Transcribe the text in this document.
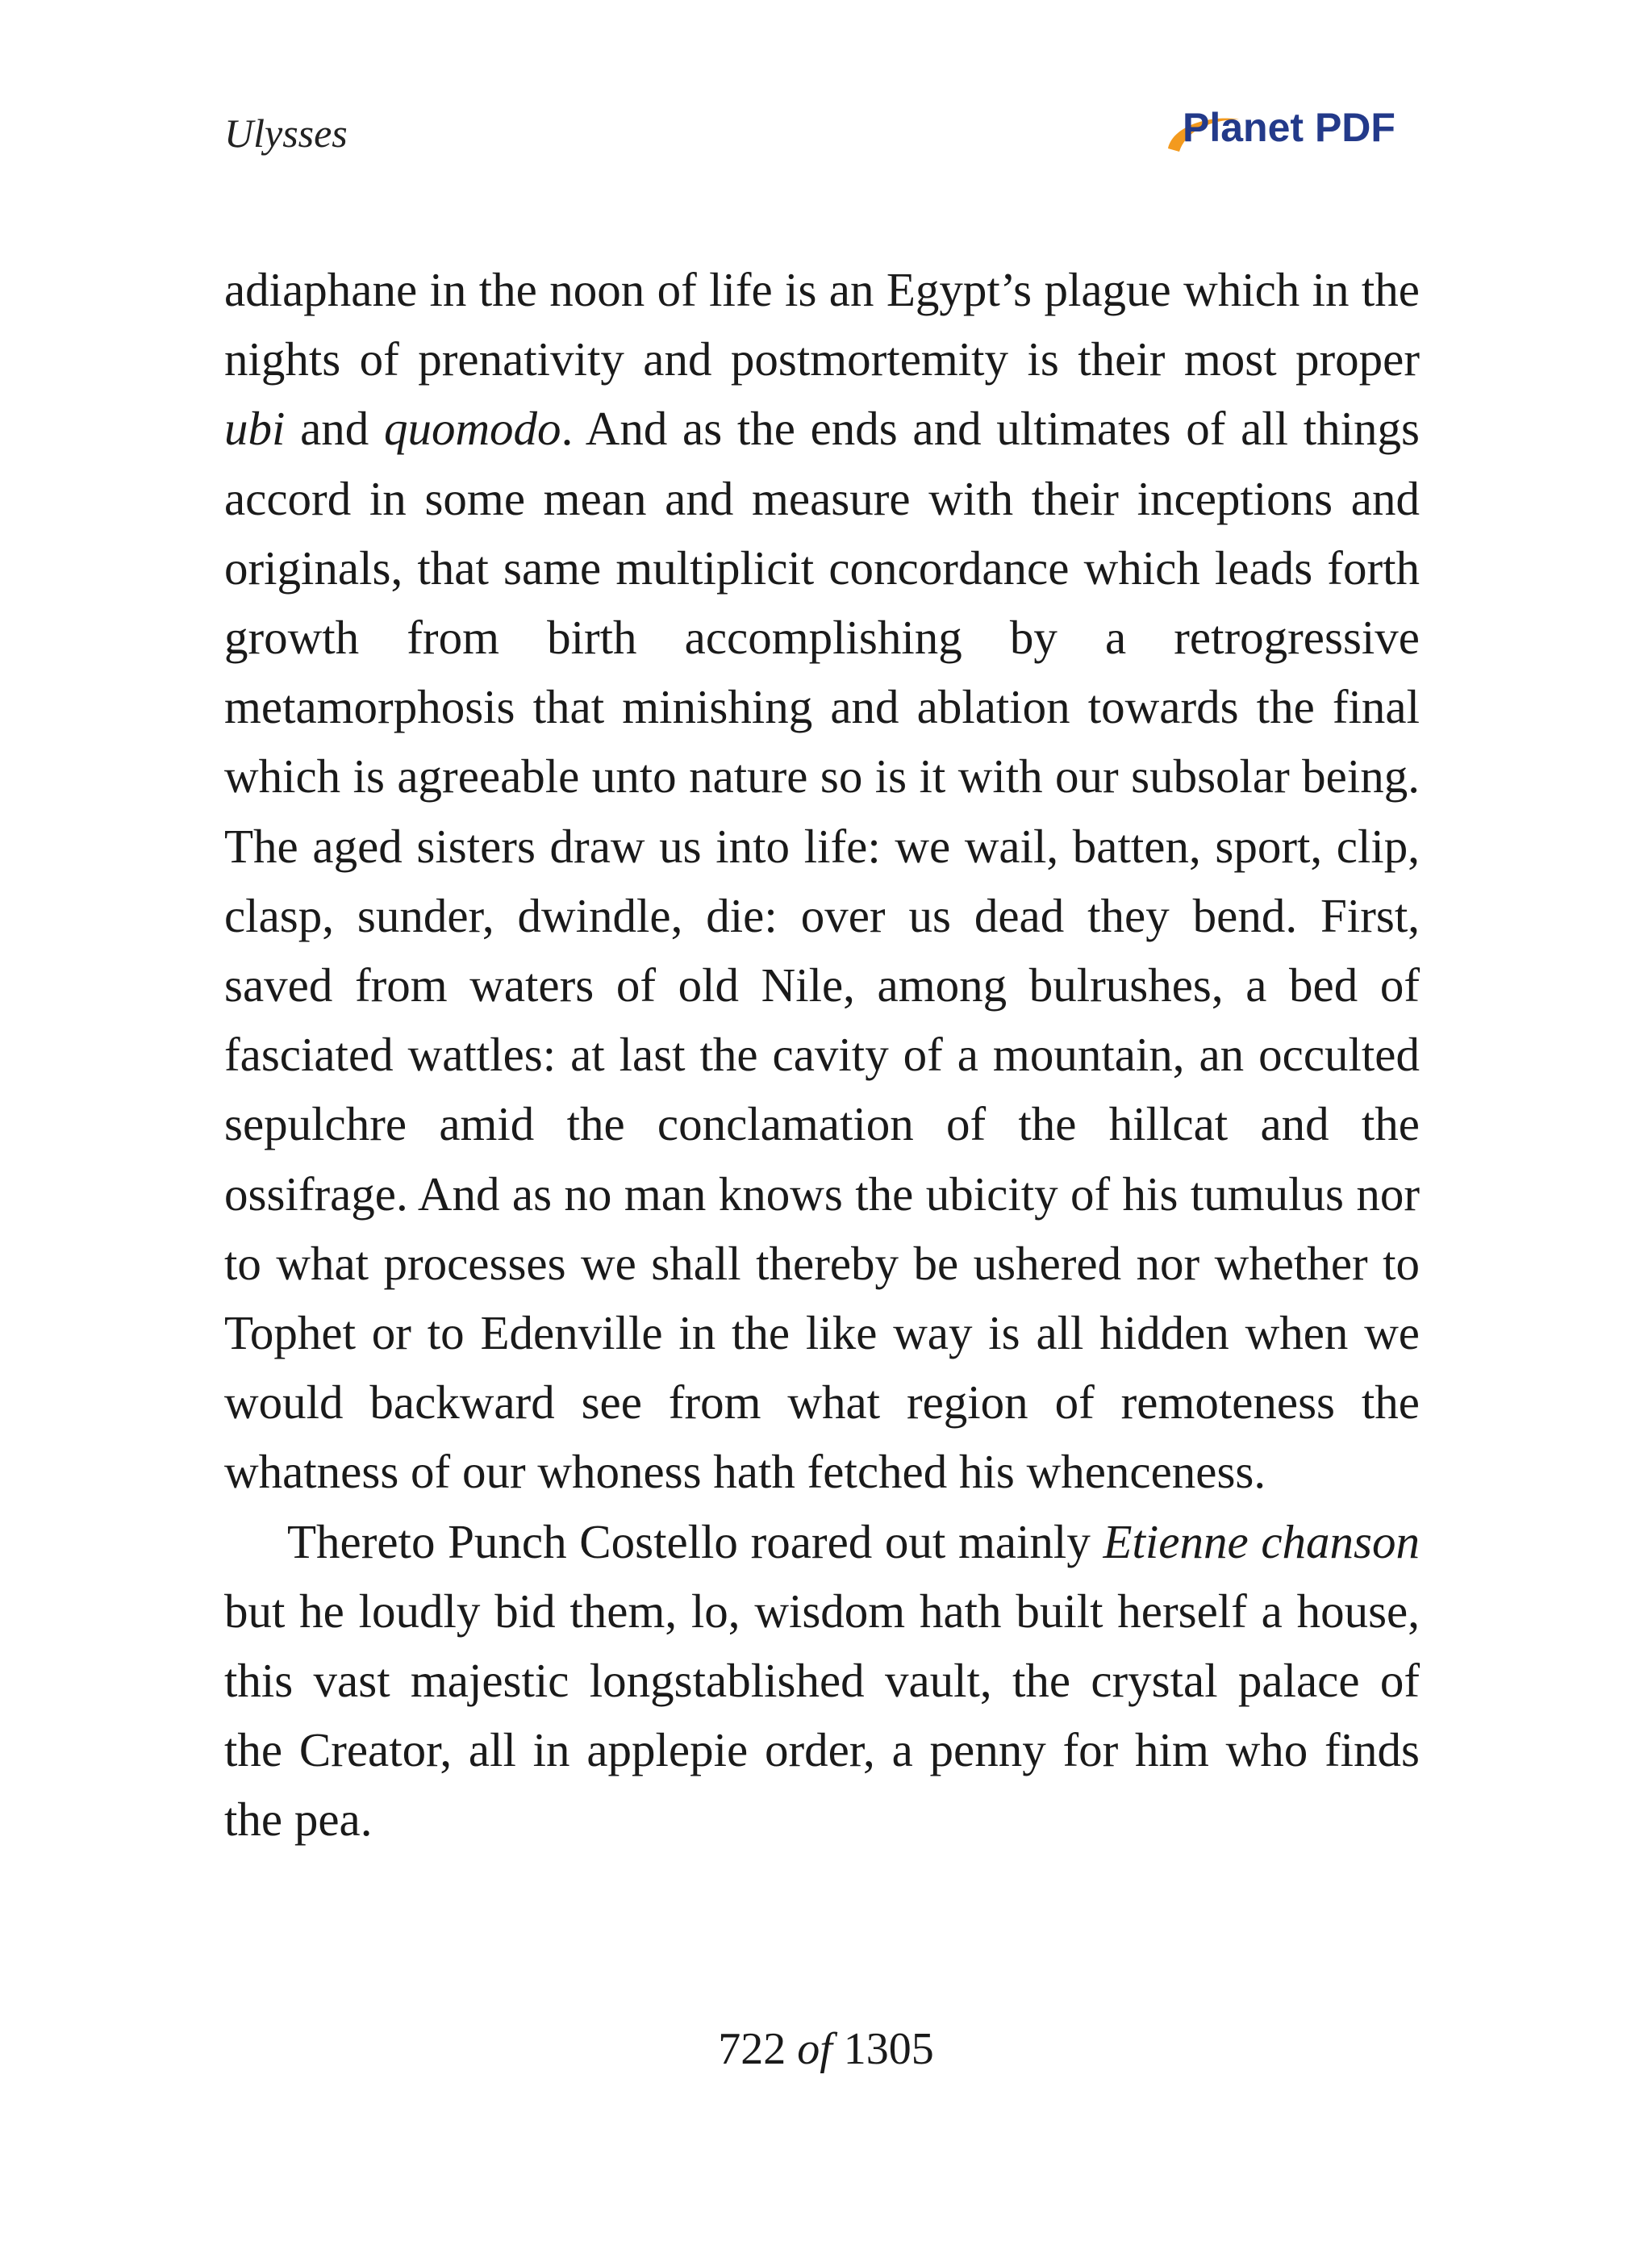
Ulysses	Planet PDF

adiaphane in the noon of life is an Egypt’s plague which in the nights of prenativity and postmortemity is their most proper ubi and quomodo. And as the ends and ultimates of all things accord in some mean and measure with their inceptions and originals, that same multiplicit concordance which leads forth growth from birth accomplishing by a retrogressive metamorphosis that minishing and ablation towards the final which is agreeable unto nature so is it with our subsolar being. The aged sisters draw us into life: we wail, batten, sport, clip, clasp, sunder, dwindle, die: over us dead they bend. First, saved from waters of old Nile, among bulrushes, a bed of fasciated wattles: at last the cavity of a mountain, an occulted sepulchre amid the conclamation of the hillcat and the ossifrage. And as no man knows the ubicity of his tumulus nor to what processes we shall thereby be ushered nor whether to Tophet or to Edenville in the like way is all hidden when we would backward see from what region of remoteness the whatness of our whoness hath fetched his whenceness.

Thereto Punch Costello roared out mainly Etienne chanson but he loudly bid them, lo, wisdom hath built herself a house, this vast majestic longstablished vault, the crystal palace of the Creator, all in applepie order, a penny for him who finds the pea.

722 of 1305
